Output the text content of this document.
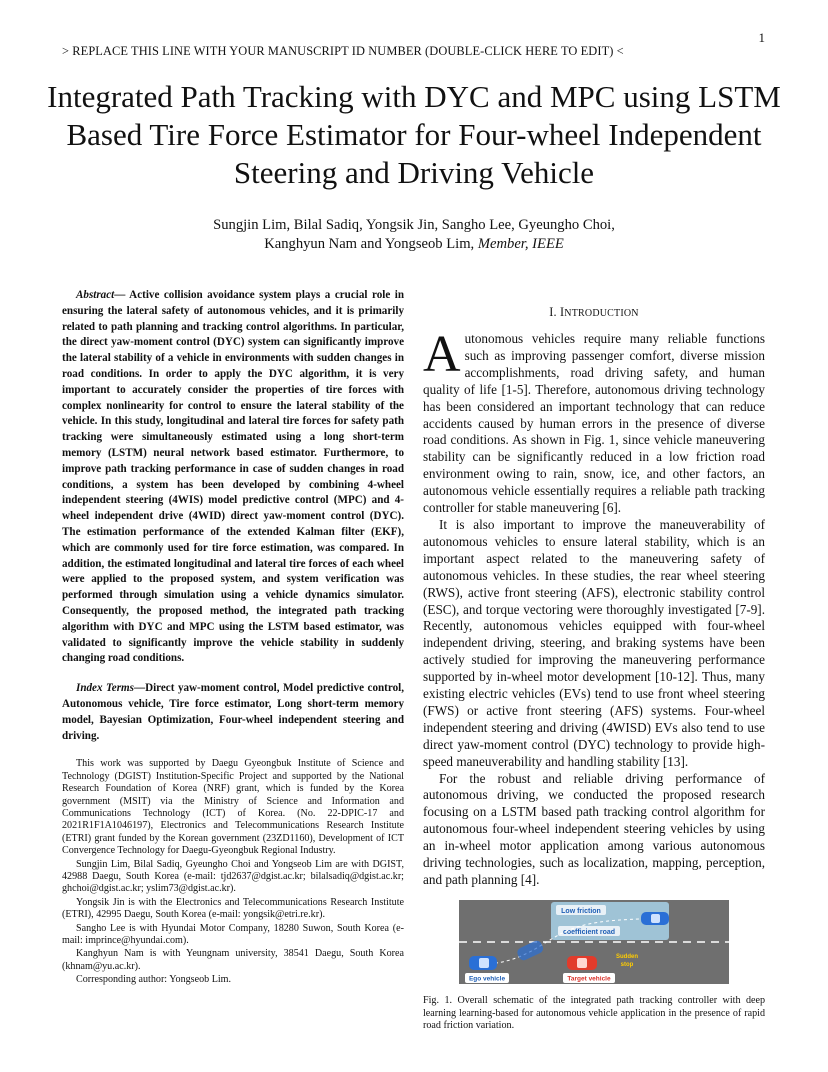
1
> REPLACE THIS LINE WITH YOUR MANUSCRIPT ID NUMBER (DOUBLE-CLICK HERE TO EDIT) <
Integrated Path Tracking with DYC and MPC using LSTM Based Tire Force Estimator for Four-wheel Independent Steering and Driving Vehicle
Sungjin Lim, Bilal Sadiq, Yongsik Jin, Sangho Lee, Gyeungho Choi,
Kanghyun Nam and Yongseob Lim, Member, IEEE

Abstract— Active collision avoidance system plays a crucial role in ensuring the lateral safety of autonomous vehicles, and it is primarily related to path planning and tracking control algorithms. In particular, the direct yaw-moment control (DYC) system can significantly improve the lateral stability of a vehicle in environments with sudden changes in road conditions. In order to apply the DYC algorithm, it is very important to accurately consider the properties of tire forces with complex nonlinearity for control to ensure the lateral stability of the vehicle. In this study, longitudinal and lateral tire forces for safety path tracking were simultaneously estimated using a long short-term memory (LSTM) neural network based estimator. Furthermore, to improve path tracking performance in case of sudden changes in road conditions, a system has been developed by combining 4-wheel independent steering (4WIS) model predictive control (MPC) and 4-wheel independent drive (4WID) direct yaw-moment control (DYC). The estimation performance of the extended Kalman filter (EKF), which are commonly used for tire force estimation, was compared. In addition, the estimated longitudinal and lateral tire forces of each wheel were applied to the proposed system, and system verification was performed through simulation using a vehicle dynamics simulator. Consequently, the proposed method, the integrated path tracking algorithm with DYC and MPC using the LSTM based estimator, was validated to significantly improve the vehicle stability in suddenly changing road conditions.

Index Terms—Direct yaw-moment control, Model predictive control, Autonomous vehicle, Tire force estimator, Long short-term memory model, Bayesian Optimization, Four-wheel independent steering and driving.

This work was supported by Daegu Gyeongbuk Institute of Science and Technology (DGIST) Institution-Specific Project and supported by the National Research Foundation of Korea (NRF) grant, which is funded by the Korea government (MSIT) via the Ministry of Science and Information and Communications Technology (ICT) of Korea. (No. 22-DPIC-17 and 2021R1F1A1046197), Electronics and Telecommunications Research Institute (ETRI) grant funded by the Korean government (23ZD1160), Development of ICT Convergence Technology for Daegu-Gyeongbuk Regional Industry.

Sungjin Lim, Bilal Sadiq, Gyeungho Choi and Yongseob Lim are with DGIST, 42988 Daegu, South Korea (e-mail: tjd2637@dgist.ac.kr; bilalsadiq@dgist.ac.kr; ghchoi@dgist.ac.kr; yslim73@dgist.ac.kr).

Yongsik Jin is with the Electronics and Telecommunications Research Institute (ETRI), 42995 Daegu, South Korea (e-mail: yongsik@etri.re.kr).

Sangho Lee is with Hyundai Motor Company, 18280 Suwon, South Korea (e-mail: imprince@hyundai.com).

Kanghyun Nam is with Yeungnam university, 38541 Daegu, South Korea (khnam@yu.ac.kr).

Corresponding author: Yongseob Lim.

I. INTRODUCTION

Autonomous vehicles require many reliable functions such as improving passenger comfort, diverse mission accomplishments, road driving safety, and human quality of life [1-5]. Therefore, autonomous driving technology has been considered an important technology that can reduce accidents caused by human errors in the presence of diverse road conditions. As shown in Fig. 1, since vehicle maneuvering stability can be significantly reduced in a low friction road environment owing to rain, snow, ice, and other factors, an autonomous vehicle essentially requires a reliable path tracking controller for stable maneuvering [6].

It is also important to improve the maneuverability of autonomous vehicles to ensure lateral stability, which is an important aspect related to the maneuvering safety of autonomous vehicles. In these studies, the rear wheel steering (RWS), active front steering (AFS), electronic stability control (ESC), and torque vectoring were thoroughly investigated [7-9]. Recently, autonomous vehicles equipped with four-wheel independent driving, steering, and braking systems have been actively studied for improving the maneuvering performance supported by in-wheel motor development [10-12]. Thus, many existing electric vehicles (EVs) tend to use front wheel steering (FWS) or active front steering (AFS) systems. Four-wheel independent steering and driving (4WISD) EVs also tend to use direct yaw-moment control (DYC) technology to provide high-speed maneuverability and handling stability [13].

For the robust and reliable driving performance of autonomous driving, we conducted the proposed research focusing on a LSTM based path tracking control algorithm for autonomous four-wheel independent steering vehicles by using an in-wheel motor application among various autonomous driving technologies, such as localization, mapping, perception, and path planning [4].

Low friction
coefficient road
Ego vehicle	Target vehicle
Sudden
stop
Fig. 1. Overall schematic of the integrated path tracking controller with deep learning learning-based for autonomous vehicle application in the presence of rapid road friction variation.
